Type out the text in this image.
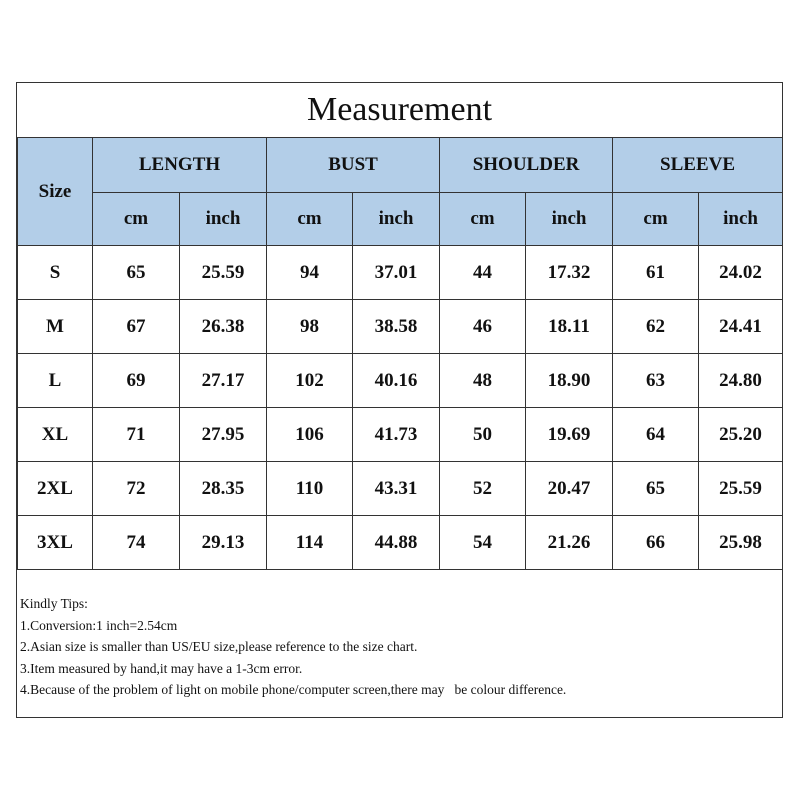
Measurement
Size	LENGTH		BUST		SHOULDER		SLEEVE	
	cm	inch	cm	inch	cm	inch	cm	inch
S	65	25.59	94	37.01	44	17.32	61	24.02
M	67	26.38	98	38.58	46	18.11	62	24.41
L	69	27.17	102	40.16	48	18.90	63	24.80
XL	71	27.95	106	41.73	50	19.69	64	25.20
2XL	72	28.35	110	43.31	52	20.47	65	25.59
3XL	74	29.13	114	44.88	54	21.26	66	25.98
Kindly Tips:
1.Conversion:1 inch=2.54cm
2.Asian size is smaller than US/EU size,please reference to the size chart.
3.Item measured by hand,it may have a 1-3cm error.
4.Because of the problem of light on mobile phone/computer screen,there may   be colour difference.
